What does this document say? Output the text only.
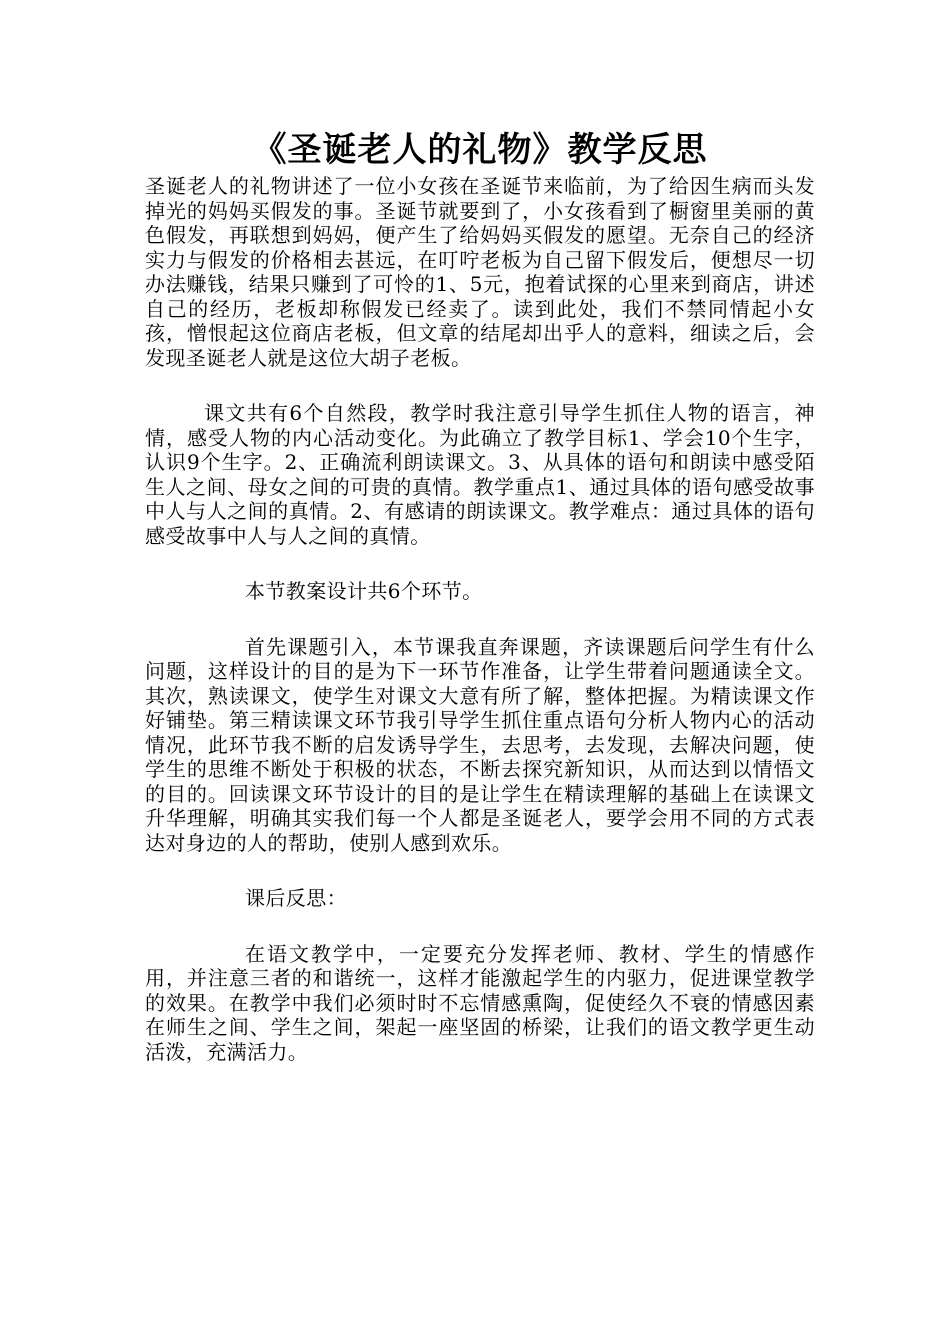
《圣诞老人的礼物》教学反思

圣诞老人的礼物讲述了一位小女孩在圣诞节来临前，为了给因生病而头发掉光的妈妈买假发的事。圣诞节就要到了，小女孩看到了橱窗里美丽的黄色假发，再联想到妈妈，便产生了给妈妈买假发的愿望。无奈自己的经济实力与假发的价格相去甚远，在叮咛老板为自己留下假发后，便想尽一切办法赚钱，结果只赚到了可怜的1、5元，抱着试探的心里来到商店，讲述自己的经历，老板却称假发已经卖了。读到此处，我们不禁同情起小女孩，憎恨起这位商店老板，但文章的结尾却出乎人的意料，细读之后，会发现圣诞老人就是这位大胡子老板。

课文共有6个自然段，教学时我注意引导学生抓住人物的语言，神情，感受人物的内心活动变化。为此确立了教学目标1、学会10个生字，认识9个生字。2、正确流利朗读课文。3、从具体的语句和朗读中感受陌生人之间、母女之间的可贵的真情。教学重点1、通过具体的语句感受故事中人与人之间的真情。2、有感请的朗读课文。教学难点：通过具体的语句感受故事中人与人之间的真情。

本节教案设计共6个环节。

首先课题引入，本节课我直奔课题，齐读课题后问学生有什么问题，这样设计的目的是为下一环节作准备，让学生带着问题通读全文。其次，熟读课文，使学生对课文大意有所了解，整体把握。为精读课文作好铺垫。第三精读课文环节我引导学生抓住重点语句分析人物内心的活动情况，此环节我不断的启发诱导学生，去思考，去发现，去解决问题，使学生的思维不断处于积极的状态，不断去探究新知识，从而达到以情悟文的目的。回读课文环节设计的目的是让学生在精读理解的基础上在读课文升华理解，明确其实我们每一个人都是圣诞老人，要学会用不同的方式表达对身边的人的帮助，使别人感到欢乐。

课后反思：

在语文教学中，一定要充分发挥老师、教材、学生的情感作用，并注意三者的和谐统一，这样才能激起学生的内驱力，促进课堂教学的效果。在教学中我们必须时时不忘情感熏陶，促使经久不衰的情感因素在师生之间、学生之间，架起一座坚固的桥梁，让我们的语文教学更生动活泼，充满活力。
